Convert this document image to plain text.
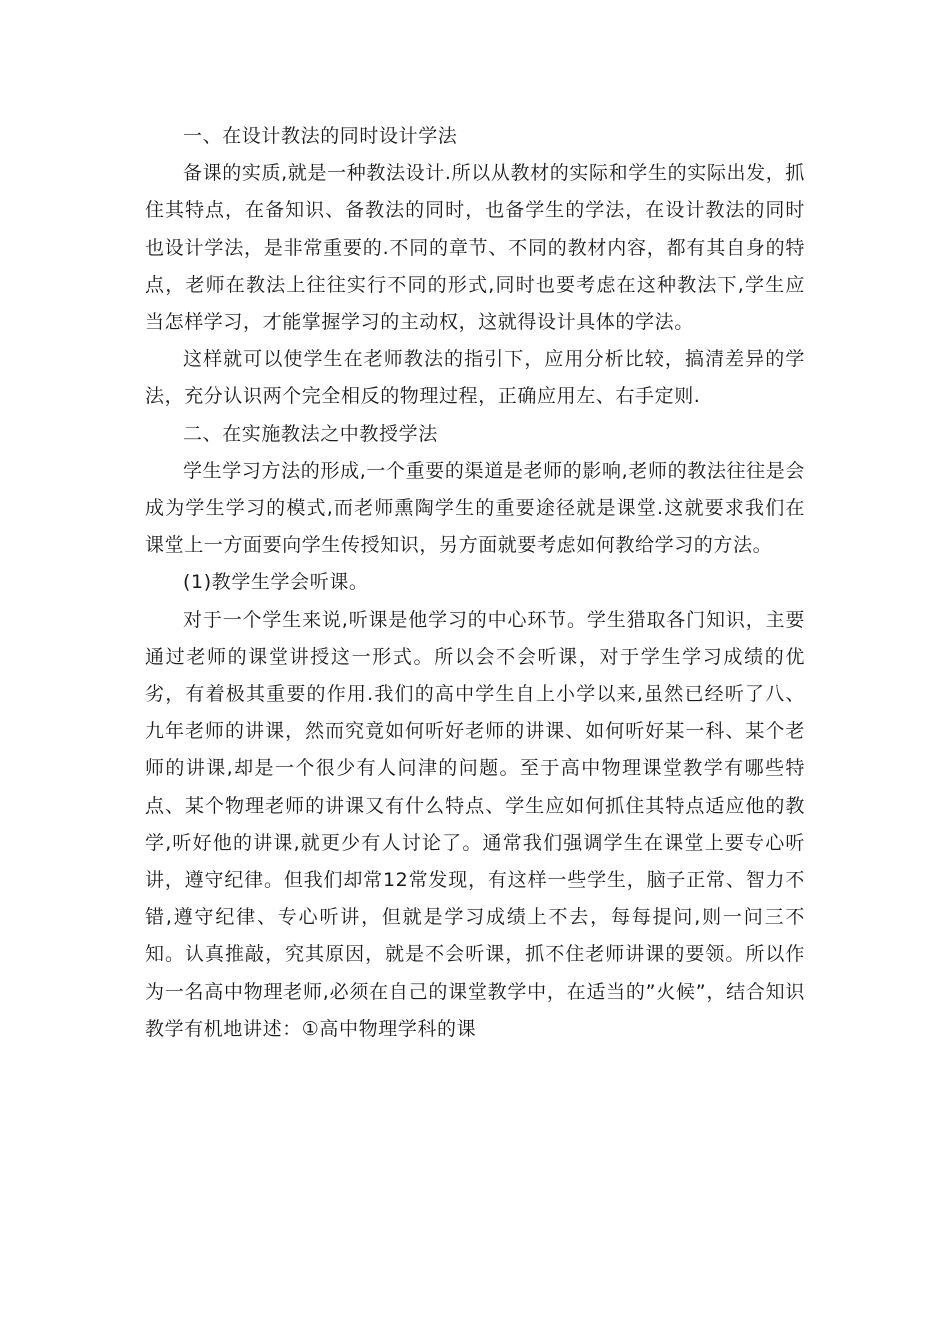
一、在设计教法的同时设计学法

备课的实质,就是一种教法设计.所以从教材的实际和学生的实际出发，抓住其特点，在备知识、备教法的同时，也备学生的学法，在设计教法的同时也设计学法，是非常重要的.不同的章节、不同的教材内容，都有其自身的特点，老师在教法上往往实行不同的形式,同时也要考虑在这种教法下,学生应当怎样学习，才能掌握学习的主动权，这就得设计具体的学法。

这样就可以使学生在老师教法的指引下，应用分析比较，搞清差异的学法，充分认识两个完全相反的物理过程，正确应用左、右手定则.

二、在实施教法之中教授学法

学生学习方法的形成,一个重要的渠道是老师的影响,老师的教法往往是会成为学生学习的模式,而老师熏陶学生的重要途径就是课堂.这就要求我们在课堂上一方面要向学生传授知识，另方面就要考虑如何教给学习的方法。

(1)教学生学会听课。

对于一个学生来说,听课是他学习的中心环节。学生猎取各门知识，主要通过老师的课堂讲授这一形式。所以会不会听课，对于学生学习成绩的优劣，有着极其重要的作用.我们的高中学生自上小学以来,虽然已经听了八、九年老师的讲课，然而究竟如何听好老师的讲课、如何听好某一科、某个老师的讲课,却是一个很少有人问津的问题。至于高中物理课堂教学有哪些特点、某个物理老师的讲课又有什么特点、学生应如何抓住其特点适应他的教学,听好他的讲课,就更少有人讨论了。通常我们强调学生在课堂上要专心听讲，遵守纪律。但我们却常12常发现，有这样一些学生，脑子正常、智力不错,遵守纪律、专心听讲，但就是学习成绩上不去，每每提问,则一问三不知。认真推敲，究其原因，就是不会听课，抓不住老师讲课的要领。所以作为一名高中物理老师,必须在自己的课堂教学中，在适当的”火候”，结合知识教学有机地讲述：①高中物理学科的课
